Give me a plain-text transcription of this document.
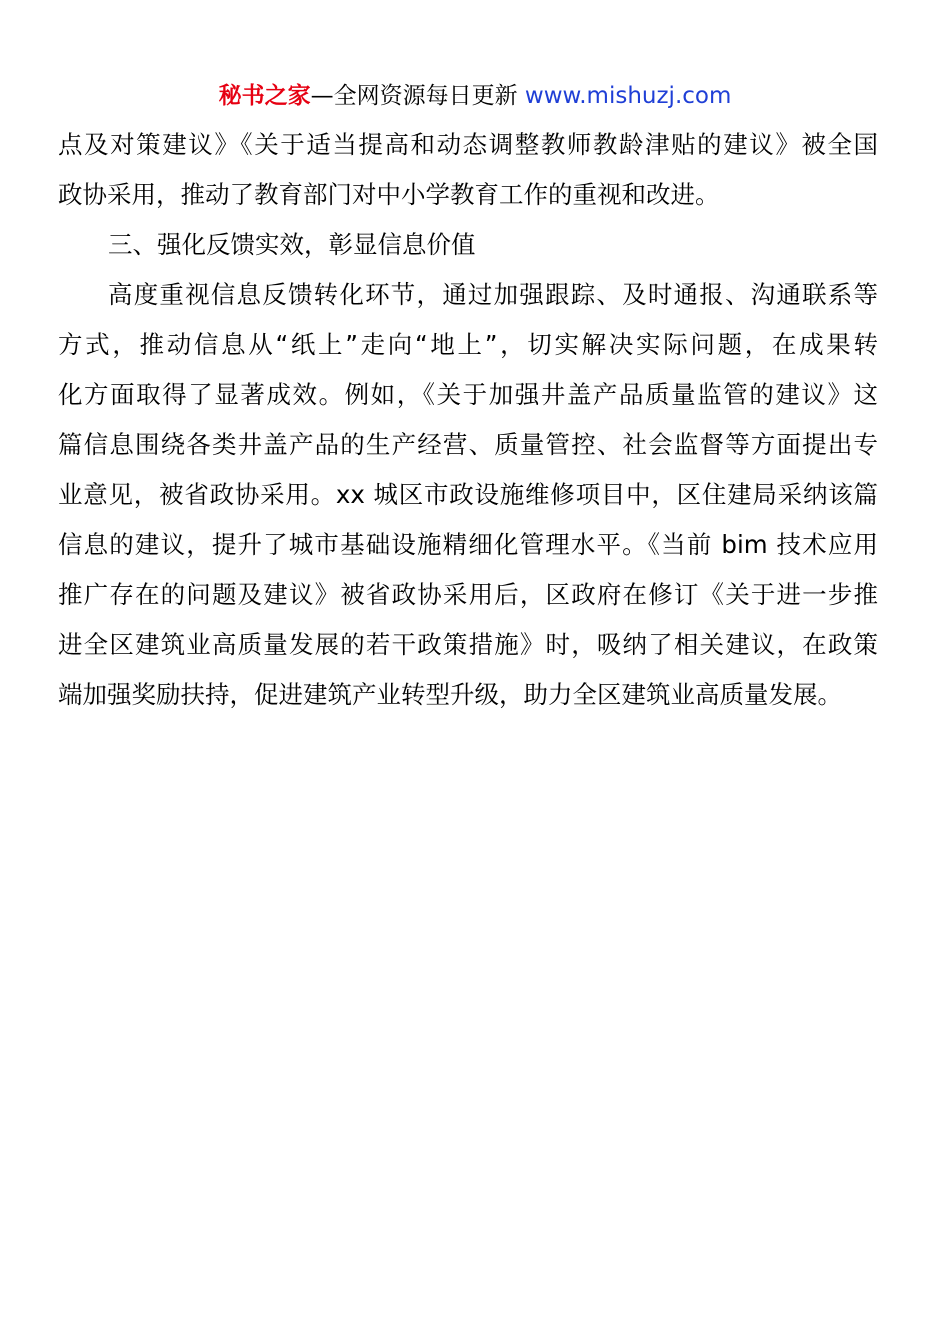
秘书之家—全网资源每日更新 www.mishuzj.com
点及对策建议》《关于适当提高和动态调整教师教龄津贴的建议》被全国
政协采用，推动了教育部门对中小学教育工作的重视和改进。
三、强化反馈实效，彰显信息价值
高度重视信息反馈转化环节，通过加强跟踪、及时通报、沟通联系等
方式，推动信息从“纸上”走向“地上”，切实解决实际问题，在成果转
化方面取得了显著成效。例如，《关于加强井盖产品质量监管的建议》这
篇信息围绕各类井盖产品的生产经营、质量管控、社会监督等方面提出专
业意见，被省政协采用。xx 城区市政设施维修项目中，区住建局采纳该篇
信息的建议，提升了城市基础设施精细化管理水平。《当前 bim 技术应用
推广存在的问题及建议》被省政协采用后，区政府在修订《关于进一步推
进全区建筑业高质量发展的若干政策措施》时，吸纳了相关建议，在政策
端加强奖励扶持，促进建筑产业转型升级，助力全区建筑业高质量发展。
